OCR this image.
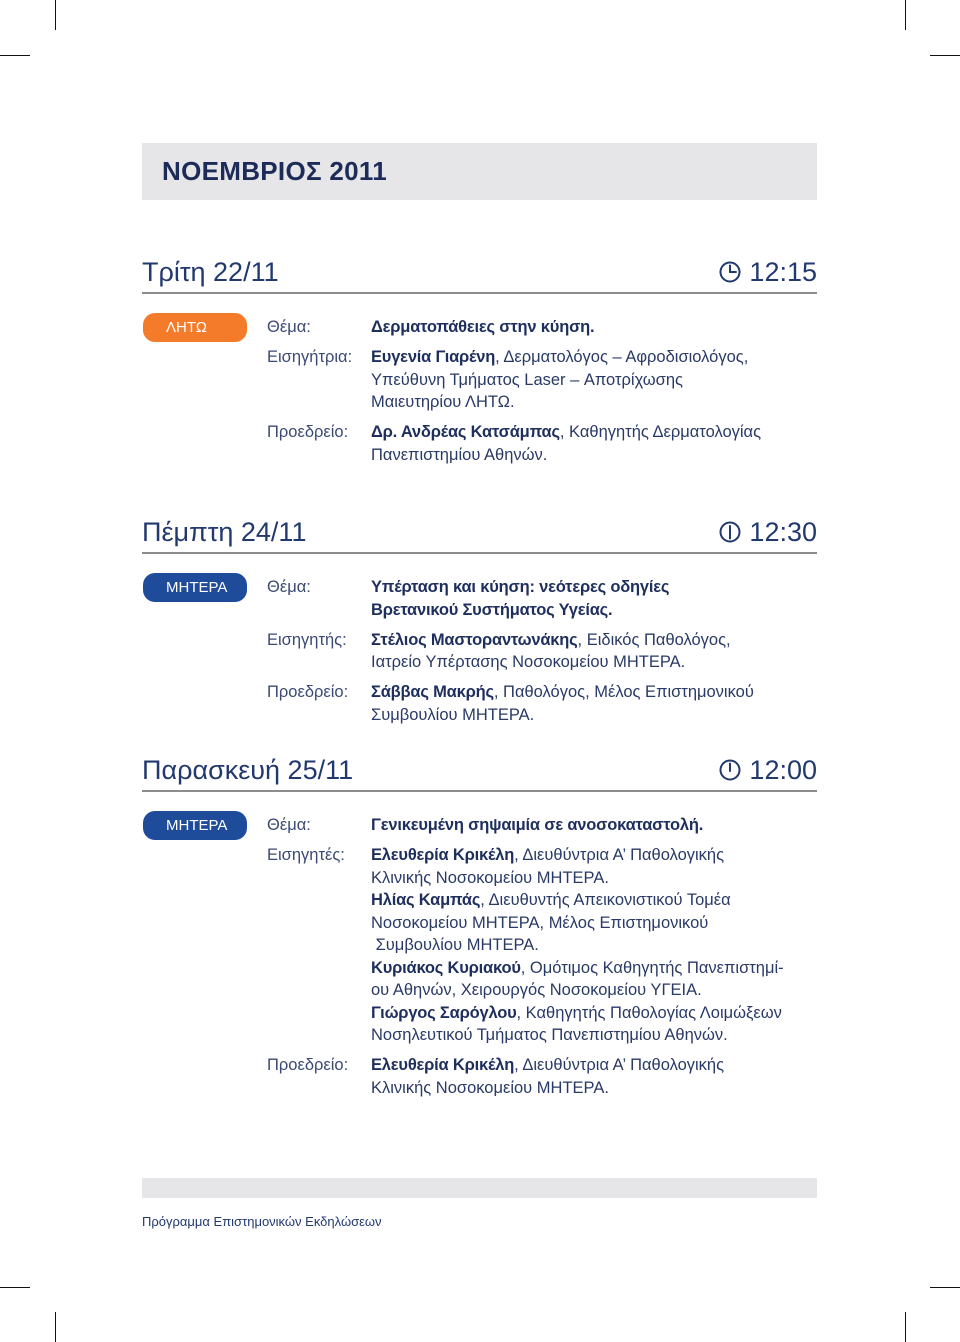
ΝΟΕΜΒΡΙΟΣ 2011
Τρίτη 22/11	12:15
ΛΗΤΩ	Θέμα:	Δερματοπάθειες στην κύηση.
Εισηγήτρια:	Ευγενία Γιαρένη, Δερματολόγος – Αφροδισιολόγος,
Υπεύθυνη Τμήματος Laser – Αποτρίχωσης
Μαιευτηρίου ΛΗΤΩ.
Προεδρείο:	Δρ. Ανδρέας Κατσάμπας, Καθηγητής Δερματολογίας
Πανεπιστημίου Αθηνών.
Πέμπτη 24/11	12:30
ΜΗΤΕΡΑ	Θέμα:	Υπέρταση και κύηση: νεότερες οδηγίες
Βρετανικού Συστήματος Υγείας.
Εισηγητής:	Στέλιος Μαστοραντωνάκης, Ειδικός Παθολόγος,
Ιατρείο Υπέρτασης Νοσοκομείου ΜΗΤΕΡΑ.
Προεδρείο:	Σάββας Μακρής, Παθολόγος, Μέλος Επιστημονικού
Συμβουλίου ΜΗΤΕΡΑ.
Παρασκευή 25/11	12:00
ΜΗΤΕΡΑ	Θέμα:	Γενικευμένη σηψαιμία σε ανοσοκαταστολή.
Εισηγητές:	Ελευθερία Κρικέλη, Διευθύντρια Α’ Παθολογικής
Κλινικής Νοσοκομείου ΜΗΤΕΡΑ.
Ηλίας Καμπάς, Διευθυντής Απεικονιστικού Τομέα
Νοσοκομείου ΜΗΤΕΡΑ, Μέλος Επιστημονικού
Συμβουλίου ΜΗΤΕΡΑ.
Κυριάκος Κυριακού, Ομότιμος Καθηγητής Πανεπιστημί-
ου Αθηνών, Χειρουργός Νοσοκομείου ΥΓΕΙΑ.
Γιώργος Σαρόγλου, Καθηγητής Παθολογίας Λοιμώξεων
Νοσηλευτικού Τμήματος Πανεπιστημίου Αθηνών.
Προεδρείο:	Ελευθερία Κρικέλη, Διευθύντρια Α’ Παθολογικής
Κλινικής Νοσοκομείου ΜΗΤΕΡΑ.
Πρόγραμμα Επιστημονικών Εκδηλώσεων
